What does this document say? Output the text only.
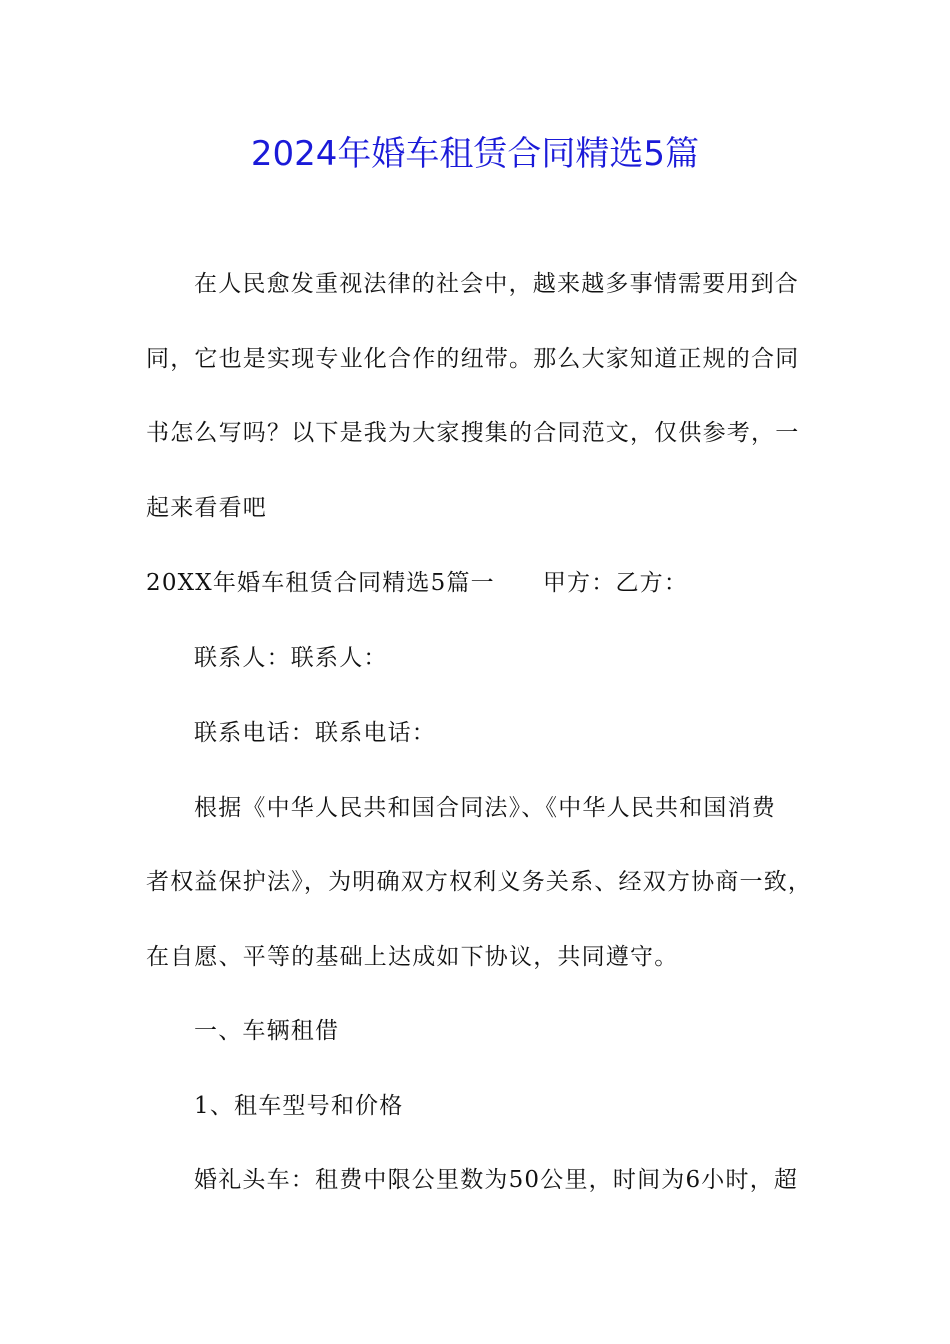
2024年婚车租赁合同精选5篇

在人民愈发重视法律的社会中，越来越多事情需要用到合

同，它也是实现专业化合作的纽带。那么大家知道正规的合同

书怎么写吗？以下是我为大家搜集的合同范文，仅供参考，一

起来看看吧

20XX年婚车租赁合同精选5篇一 甲方：乙方：

联系人：联系人：

联系电话：联系电话：

根据《中华人民共和国合同法》、《中华人民共和国消费

者权益保护法》，为明确双方权利义务关系、经双方协商一致，

在自愿、平等的基础上达成如下协议，共同遵守。

一、车辆租借

1、租车型号和价格

婚礼头车：租费中限公里数为50公里，时间为6小时，超
